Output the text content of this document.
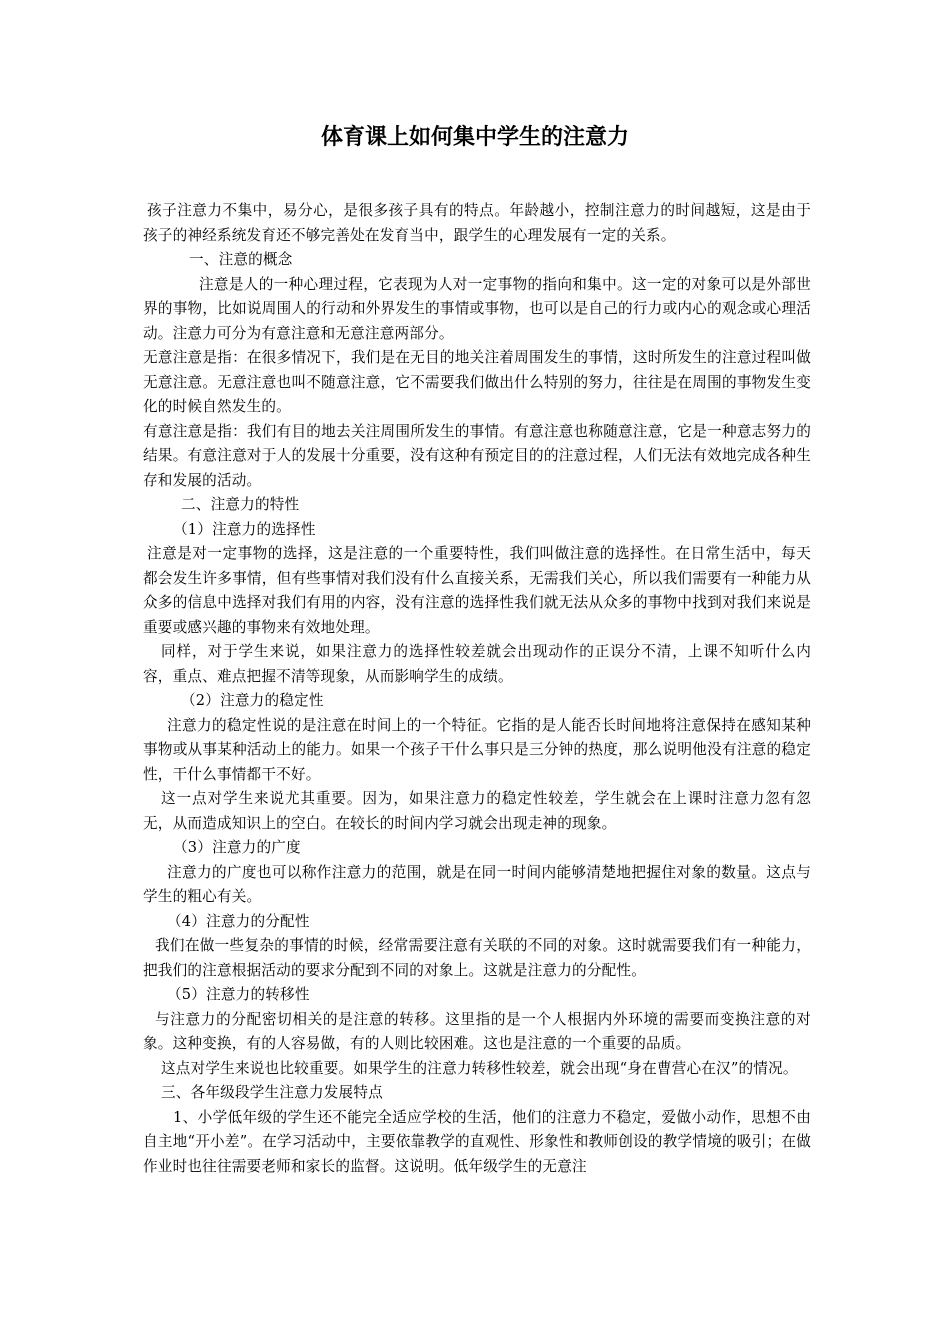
体育课上如何集中学生的注意力

孩子注意力不集中，易分心，是很多孩子具有的特点。年龄越小，控制注意力的时间越短，这是由于孩子的神经系统发育还不够完善处在发育当中，跟学生的心理发展有一定的关系。

一、注意的概念

注意是人的一种心理过程，它表现为人对一定事物的指向和集中。这一定的对象可以是外部世界的事物，比如说周围人的行动和外界发生的事情或事物，也可以是自己的行力或内心的观念或心理活动。注意力可分为有意注意和无意注意两部分。

无意注意是指：在很多情况下，我们是在无目的地关注着周围发生的事情，这时所发生的注意过程叫做无意注意。无意注意也叫不随意注意，它不需要我们做出什么特别的努力，往往是在周围的事物发生变化的时候自然发生的。

有意注意是指：我们有目的地去关注周围所发生的事情。有意注意也称随意注意，它是一种意志努力的结果。有意注意对于人的发展十分重要，没有这种有预定目的的注意过程，人们无法有效地完成各种生存和发展的活动。

二、注意力的特性

（1）注意力的选择性

注意是对一定事物的选择，这是注意的一个重要特性，我们叫做注意的选择性。在日常生活中，每天都会发生许多事情，但有些事情对我们没有什么直接关系，无需我们关心，所以我们需要有一种能力从众多的信息中选择对我们有用的内容，没有注意的选择性我们就无法从众多的事物中找到对我们来说是重要或感兴趣的事物来有效地处理。

同样，对于学生来说，如果注意力的选择性较差就会出现动作的正误分不清，上课不知听什么内容，重点、难点把握不清等现象，从而影响学生的成绩。

（2）注意力的稳定性

注意力的稳定性说的是注意在时间上的一个特征。它指的是人能否长时间地将注意保持在感知某种事物或从事某种活动上的能力。如果一个孩子干什么事只是三分钟的热度，那么说明他没有注意的稳定性，干什么事情都干不好。

这一点对学生来说尤其重要。因为，如果注意力的稳定性较差，学生就会在上课时注意力忽有忽无，从而造成知识上的空白。在较长的时间内学习就会出现走神的现象。

（3）注意力的广度

注意力的广度也可以称作注意力的范围，就是在同一时间内能够清楚地把握住对象的数量。这点与学生的粗心有关。

（4）注意力的分配性

我们在做一些复杂的事情的时候，经常需要注意有关联的不同的对象。这时就需要我们有一种能力，把我们的注意根据活动的要求分配到不同的对象上。这就是注意力的分配性。

（5）注意力的转移性

与注意力的分配密切相关的是注意的转移。这里指的是一个人根据内外环境的需要而变换注意的对象。这种变换，有的人容易做，有的人则比较困难。这也是注意的一个重要的品质。

这点对学生来说也比较重要。如果学生的注意力转移性较差，就会出现“身在曹营心在汉”的情况。

三、各年级段学生注意力发展特点

1、小学低年级的学生还不能完全适应学校的生活，他们的注意力不稳定，爱做小动作，思想不由自主地“开小差”。在学习活动中，主要依靠教学的直观性、形象性和教师创设的教学情境的吸引；在做作业时也往往需要老师和家长的监督。这说明。低年级学生的无意注
